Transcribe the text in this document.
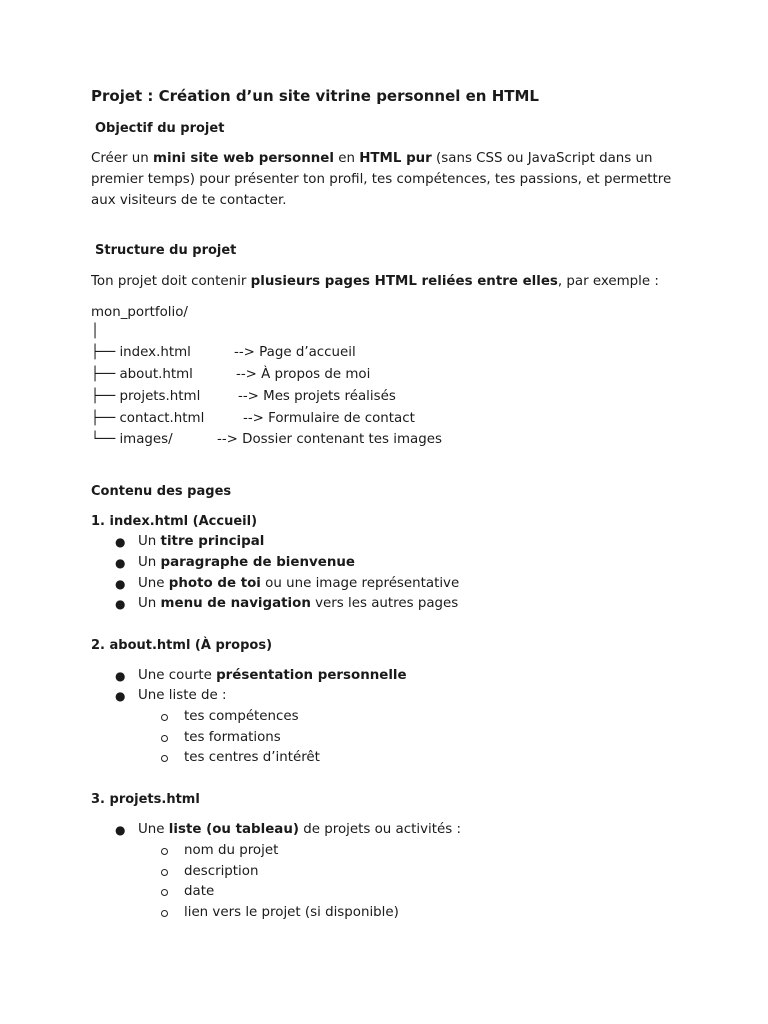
Projet : Création d’un site vitrine personnel en HTML
Objectif du projet
Créer un mini site web personnel en HTML pur (sans CSS ou JavaScript dans un
premier temps) pour présenter ton profil, tes compétences, tes passions, et permettre
aux visiteurs de te contacter.
Structure du projet
Ton projet doit contenir plusieurs pages HTML reliées entre elles, par exemple :
mon_portfolio/
│
├── index.html	--> Page d’accueil
├── about.html	--> À propos de moi
├── projets.html	--> Mes projets réalisés
├── contact.html	--> Formulaire de contact
└── images/	--> Dossier contenant tes images
Contenu des pages
1. index.html (Accueil)
● Un titre principal
● Un paragraphe de bienvenue
● Une photo de toi ou une image représentative
● Un menu de navigation vers les autres pages
2. about.html (À propos)
● Une courte présentation personnelle
● Une liste de :
tes compétences
tes formations
tes centres d’intérêt
3. projets.html
● Une liste (ou tableau) de projets ou activités :
nom du projet
description
date
lien vers le projet (si disponible)
